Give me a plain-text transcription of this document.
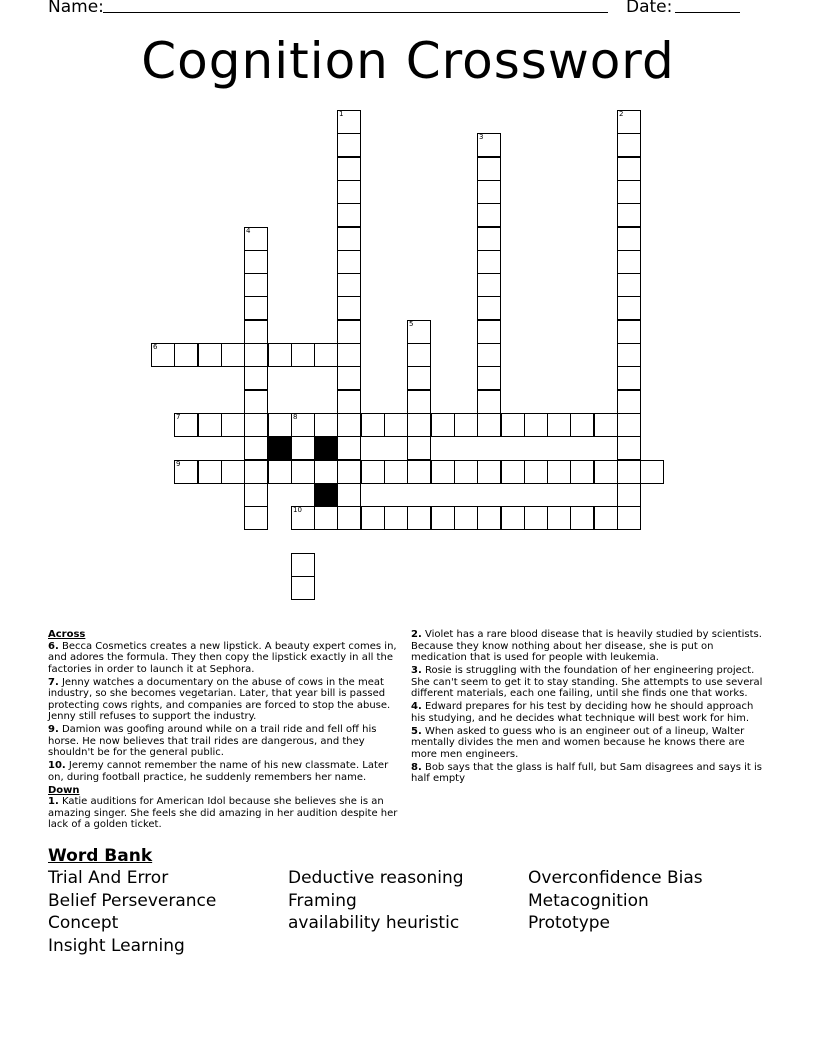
Name:	Date:
Cognition Crossword
1	2
3
4
5
6
7	8
9
10
Across
6. Becca Cosmetics creates a new lipstick. A beauty expert comes in, and adores the formula. They then copy the lipstick exactly in all the factories in order to launch it at Sephora.
7. Jenny watches a documentary on the abuse of cows in the meat industry, so she becomes vegetarian. Later, that year bill is passed protecting cows rights, and companies are forced to stop the abuse. Jenny still refuses to support the industry.
9. Damion was goofing around while on a trail ride and fell off his horse. He now believes that trail rides are dangerous, and they shouldn't be for the general public.
10. Jeremy cannot remember the name of his new classmate. Later on, during football practice, he suddenly remembers her name.
Down
1. Katie auditions for American Idol because she believes she is an amazing singer. She feels she did amazing in her audition despite her lack of a golden ticket.
2. Violet has a rare blood disease that is heavily studied by scientists. Because they know nothing about her disease, she is put on medication that is used for people with leukemia.
3. Rosie is struggling with the foundation of her engineering project. She can't seem to get it to stay standing. She attempts to use several different materials, each one failing, until she finds one that works.
4. Edward prepares for his test by deciding how he should approach his studying, and he decides what technique will best work for him.
5. When asked to guess who is an engineer out of a lineup, Walter mentally divides the men and women because he knows there are more men engineers.
8. Bob says that the glass is half full, but Sam disagrees and says it is half empty
Word Bank
Trial And Error	Deductive reasoning	Overconfidence Bias
Belief Perseverance	Framing	Metacognition
Concept	availability heuristic	Prototype
Insight Learning
